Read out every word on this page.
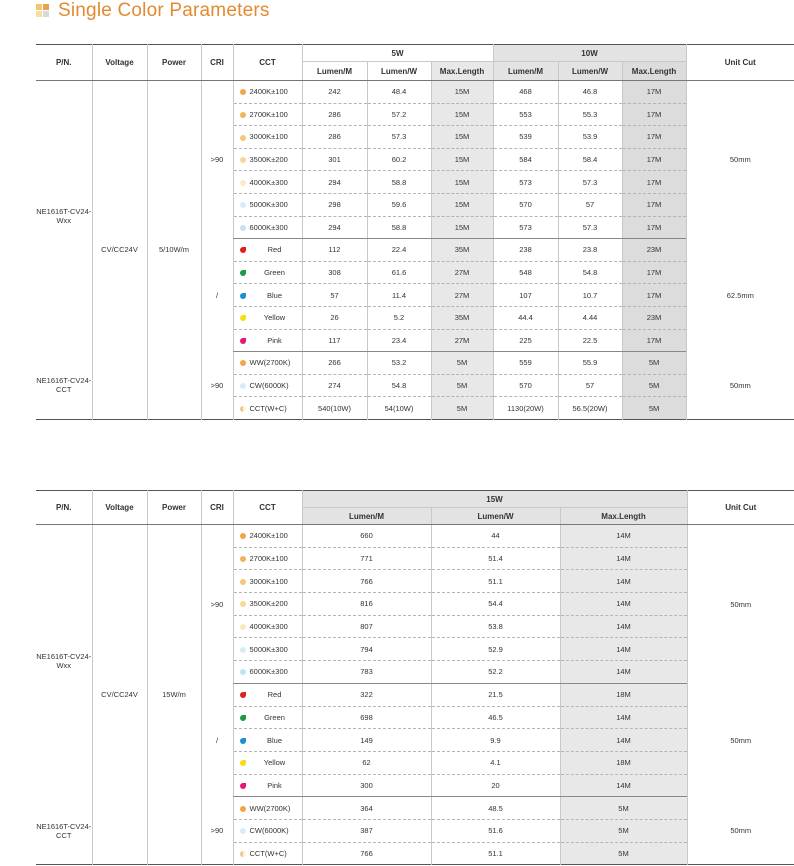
Single Color Parameters
P/N.	Voltage	Power	CRI	CCT	5W			10W			Unit Cut
					Lumen/M	Lumen/W	Max.Length	Lumen/M	Lumen/W	Max.Length	
NE1616T-CV24-Wxx	CV/CC24V	5/10W/m	>90	2400K±100	242	48.4	15M	468	46.8	17M	50mm
				2700K±100	286	57.2	15M	553	55.3	17M	
				3000K±100	286	57.3	15M	539	53.9	17M	
				3500K±200	301	60.2	15M	584	58.4	17M	
				4000K±300	294	58.8	15M	573	57.3	17M	
				5000K±300	298	59.6	15M	570	57	17M	
				6000K±300	294	58.8	15M	573	57.3	17M	
			/	Red	112	22.4	35M	238	23.8	23M	62.5mm
				Green	308	61.6	27M	548	54.8	17M	
				Blue	57	11.4	27M	107	10.7	17M	
				Yellow	26	5.2	35M	44.4	4.44	23M	
				Pink	117	23.4	27M	225	22.5	17M	
NE1616T-CV24-CCT			>90	WW(2700K)	266	53.2	5M	559	55.9	5M	50mm
				CW(6000K)	274	54.8	5M	570	57	5M	
				CCT(W+C)	540(10W)	54(10W)	5M	1130(20W)	56.5(20W)	5M	
P/N.	Voltage	Power	CRI	CCT	15W			Unit Cut
					Lumen/M	Lumen/W	Max.Length	
NE1616T-CV24-Wxx	CV/CC24V	15W/m	>90	2400K±100	660	44	14M	50mm
				2700K±100	771	51.4	14M	
				3000K±100	766	51.1	14M	
				3500K±200	816	54.4	14M	
				4000K±300	807	53.8	14M	
				5000K±300	794	52.9	14M	
				6000K±300	783	52.2	14M	
			/	Red	322	21.5	18M	50mm
				Green	698	46.5	14M	
				Blue	149	9.9	14M	
				Yellow	62	4.1	18M	
				Pink	300	20	14M	
NE1616T-CV24-CCT			>90	WW(2700K)	364	48.5	5M	50mm
				CW(6000K)	387	51.6	5M	
				CCT(W+C)	766	51.1	5M	
